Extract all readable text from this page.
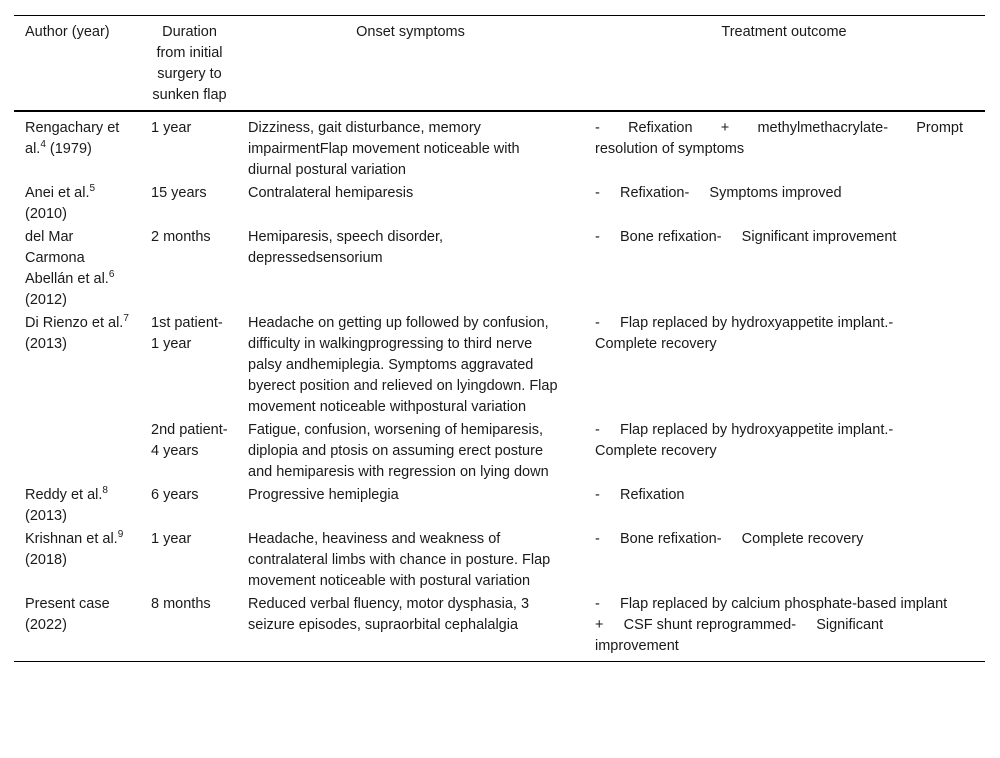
Author (year)	Duration from initial surgery to sunken flap	Onset symptoms	Treatment outcome
Rengachary et al.$^4$ (1979)	1 year	Dizziness, gait disturbance, memory impairmentFlap movement noticeable with diurnal postural variation	-    Refixation    +    methylmethacrylate-    Prompt resolution of symptoms
Anei et al.$^5$ (2010)	15 years	Contralateral hemiparesis	-     Refixation-     Symptoms improved
del Mar Carmona Abellán et al.$^6$ (2012)	2 months	Hemiparesis, speech disorder, depressedsensorium	-     Bone refixation-     Significant improvement
Di Rienzo et al.$^7$ (2013)	1st patient- 1 year	Headache on getting up followed by confusion, difficulty in walkingprogressing to third nerve palsy andhemiplegia. Symptoms aggravated byerect position and relieved on lyingdown. Flap movement noticeable withpostural variation	-     Flap replaced by hydroxyappetite implant.-     Complete recovery
	2nd patient- 4 years	Fatigue, confusion, worsening of hemiparesis, diplopia and ptosis on assuming erect posture and hemiparesis with regression on lying down	-     Flap replaced by hydroxyappetite implant.-     Complete recovery
Reddy et al.$^8$ (2013)	6 years	Progressive hemiplegia	-     Refixation
Krishnan et al.$^9$ (2018)	1 year	Headache, heaviness and weakness of contralateral limbs with chance in posture. Flap movement noticeable with postural variation	-     Bone refixation-     Complete recovery
Present case (2022)	8 months	Reduced verbal fluency, motor dysphasia, 3 seizure episodes, supraorbital cephalalgia	-     Flap replaced by calcium phosphate-based implant     +     CSF shunt reprogrammed-     Significant improvement
